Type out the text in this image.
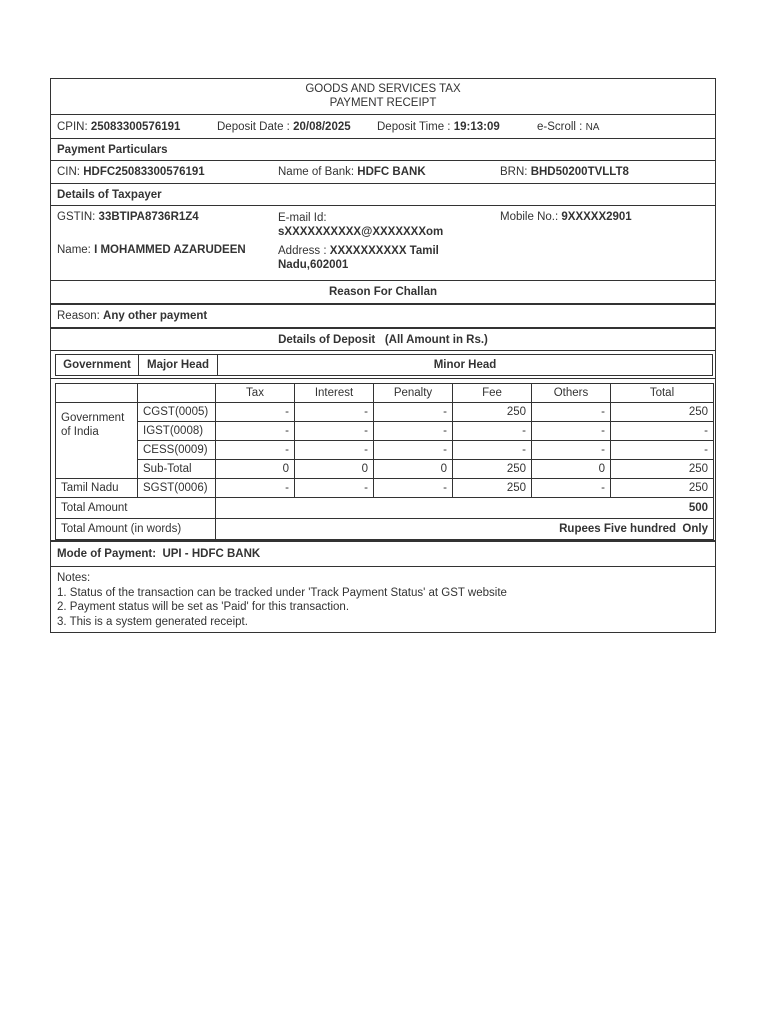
GOODS AND SERVICES TAX
PAYMENT RECEIPT
CPIN: 25083300576191	Deposit Date : 20/08/2025 Deposit Time : 19:13:09	e-Scroll : NA
Payment Particulars
CIN: HDFC25083300576191	Name of Bank: HDFC BANK	BRN: BHD50200TVLLT8
Details of Taxpayer
GSTIN: 33BTIPA8736R1Z4	E-mail Id:
sXXXXXXXXXX@XXXXXXXom
Mobile No.: 9XXXXX2901
Name: I MOHAMMED AZARUDEEN	Address : XXXXXXXXXX Tamil
Nadu,602001
Reason For Challan
Reason:
Any other payment
Details of Deposit
(All Amount in Rs.)
Government	Major Head	Minor Head
		Tax	Interest	Penalty	Fee	Others	Total
Government
of India	CGST(0005)	-	-	-	250	-	250
	IGST(0008)	-	-	-	-	-	-
	CESS(0009)	-	-	-	-	-	-
	Sub-Total	0	0	0	250	0	250
Tamil Nadu	SGST(0006)	-	-	-	250	-	250
Total Amount		500					
Total Amount (in words)		Rupees Five hundred  Only					
Mode of Payment:
UPI - HDFC BANK
Notes:
1. Status of the transaction can be tracked under 'Track Payment Status' at GST website
2. Payment status will be set as 'Paid' for this transaction.
3. This is a system generated receipt.
